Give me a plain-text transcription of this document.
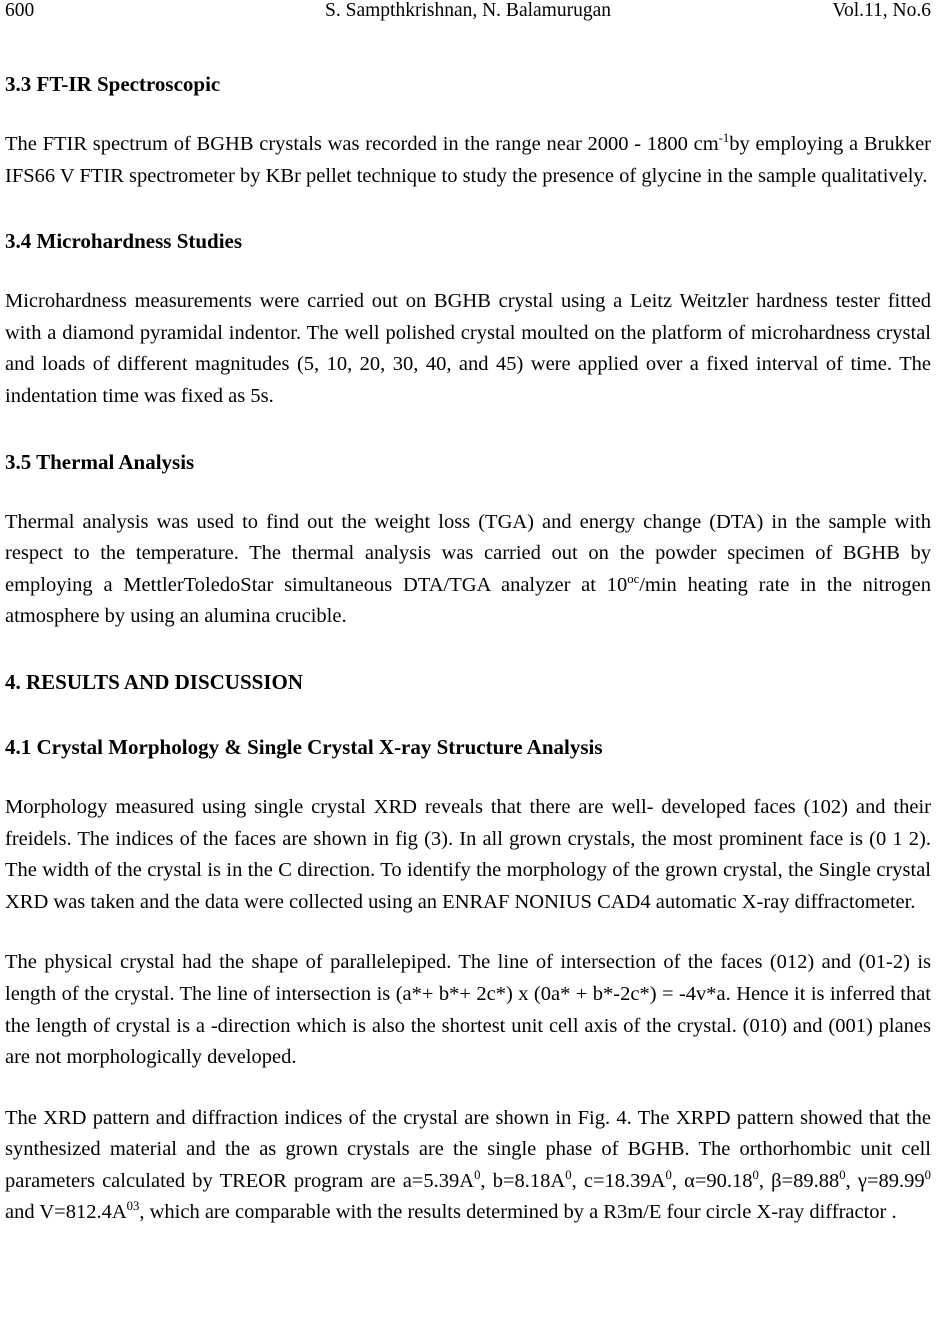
600	S. Sampthkrishnan, N. Balamurugan	Vol.11, No.6
3.3 FT-IR Spectroscopic

The FTIR spectrum of BGHB crystals was recorded in the range near 2000 - 1800 $cm^{-1}by$ employing a Brukker IFS66 V FTIR spectrometer by KBr pellet technique to study the presence of glycine in the sample qualitatively.

3.4 Microhardness Studies

Microhardness measurements were carried out on BGHB crystal using a Leitz Weitzler hardness tester fitted with a diamond pyramidal indentor. The well polished crystal moulted on the platform of microhardness crystal and loads of different magnitudes (5, 10, 20, 30, 40, and 45) were applied over a fixed interval of time. The indentation time was fixed as 5s.

3.5 Thermal Analysis

Thermal analysis was used to find out the weight loss (TGA) and energy change (DTA) in the sample with respect to the temperature. The thermal analysis was carried out on the powder specimen of BGHB by employing a MettlerToledoStar simultaneous DTA/TGA analyzer at $10^{oc}/\min$ heating rate in the nitrogen atmosphere by using an alumina crucible.

4. RESULTS AND DISCUSSION
4.1 Crystal Morphology & Single Crystal X-ray Structure Analysis

Morphology measured using single crystal XRD reveals that there are well- developed faces (102) and their freidels. The indices of the faces are shown in fig (3). In all grown crystals, the most prominent face is (0 1 2). The width of the crystal is in the C direction. To identify the morphology of the grown crystal, the Single crystal XRD was taken and the data were collected using an ENRAF NONIUS CAD4 automatic X-ray diffractometer.

The physical crystal had the shape of parallelepiped. The line of intersection of the faces (012) and (01-2) is length of the crystal. The line of intersection is (a*+ b*+ 2c*) x (0a* + b*-2c*) = -4v*a. Hence it is inferred that the length of crystal is a -direction which is also the shortest unit cell axis of the crystal. (010) and (001) planes are not morphologically developed.

The XRD pattern and diffraction indices of the crystal are shown in Fig. 4. The XRPD pattern showed that the synthesized material and the as grown crystals are the single phase of BGHB. The orthorhombic unit cell parameters calculated by TREOR program are $a=5.39A^0$, $b=8.18A^0$, $c=18.39A^0$, $\alpha=90.18^0$, $\beta=89.88^0$, $\gamma=89.99^0$ and $V=812.4A^{03}$, which are comparable with the results determined by a R3m/E four circle X-ray diffractor .
